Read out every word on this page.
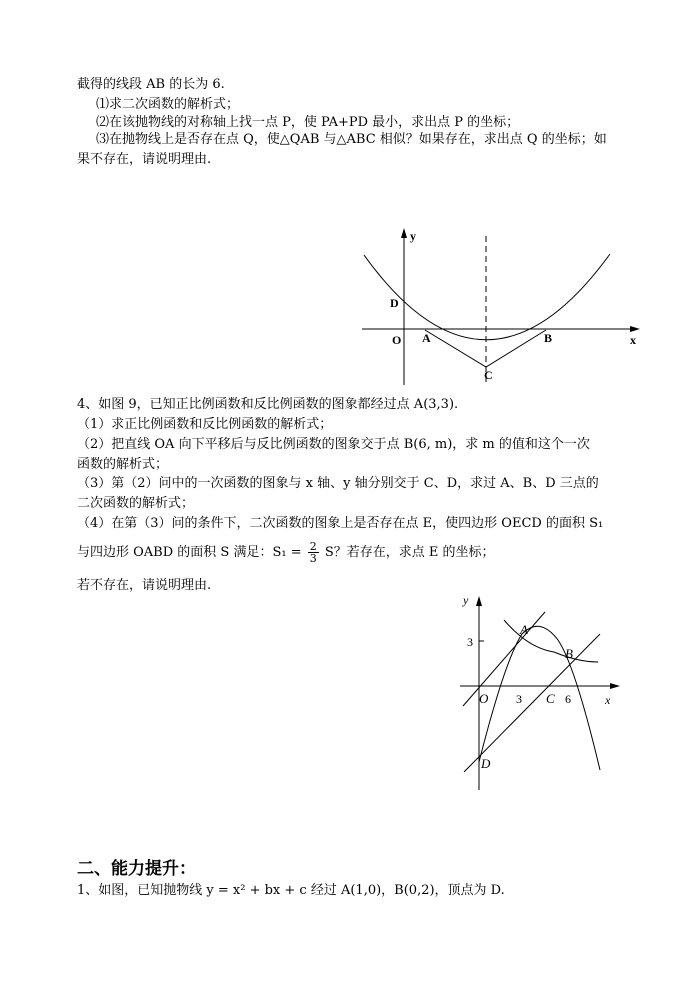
截得的线段 AB 的长为 6.
⑴求二次函数的解析式；
⑵在该抛物线的对称轴上找一点 P，使 PA+PD 最小，求出点 P 的坐标；
⑶在抛物线上是否存在点 Q，使△QAB 与△ABC 相似？如果存在，求出点 Q 的坐标；如
果不存在，请说明理由.
y
x
D
O A	B
C
4、如图 9，已知正比例函数和反比例函数的图象都经过点 A(3,3).
（1）求正比例函数和反比例函数的解析式；
（2）把直线 OA 向下平移后与反比例函数的图象交于点 B(6, m)，求 m 的值和这个一次
函数的解析式；
（3）第（2）问中的一次函数的图象与 x 轴、y 轴分别交于 C、D，求过 A、B、D 三点的
二次函数的解析式；
（4）在第（3）问的条件下，二次函数的图象上是否存在点 E，使四边形 OECD 的面积 S₁
与四边形 OABD 的面积 S 满足：$S_1 = \frac{2}{3}$ S？若存在，求点 E 的坐标；
若不存在，请说明理由.
y
x
A
B
O
3
3 C 6
D
二、能力提升：
1、如图，已知抛物线 y = x² + bx + c 经过 A(1,0)，B(0,2)，顶点为 D.
